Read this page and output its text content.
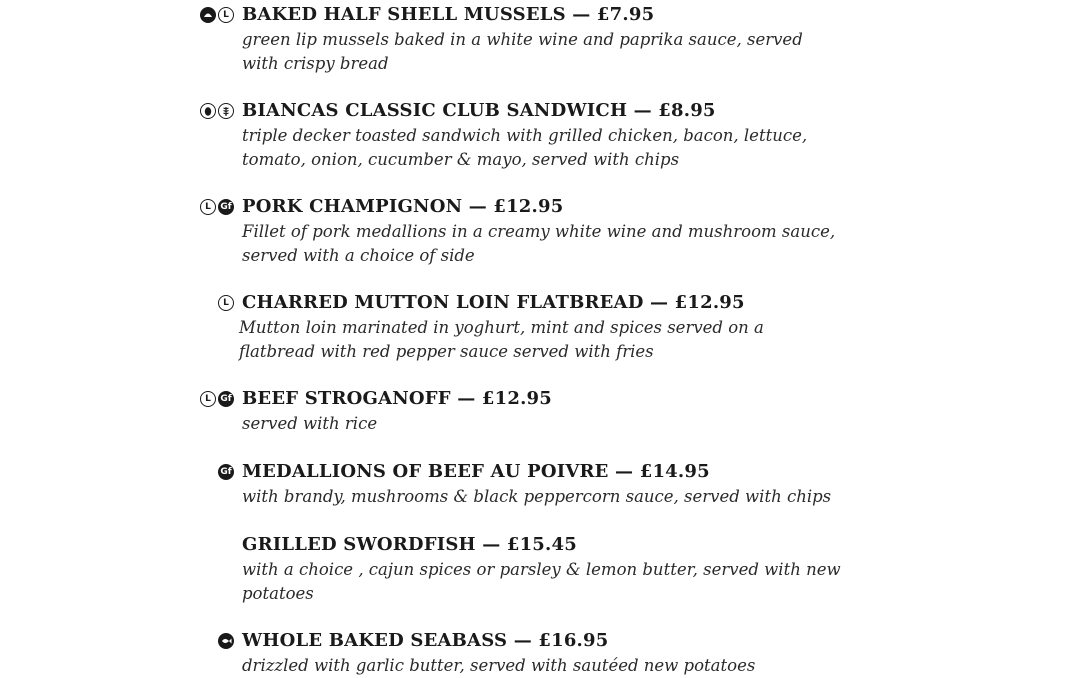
L BAKED HALF SHELL MUSSELS — £7.95
green lip mussels baked in a white wine and paprika sauce, served
with crispy bread
BIANCAS CLASSIC CLUB SANDWICH — £8.95
triple decker toasted sandwich with grilled chicken, bacon, lettuce,
tomato, onion, cucumber & mayo, served with chips
L	Gf PORK CHAMPIGNON — £12.95
Fillet of pork medallions in a creamy white wine and mushroom sauce,
served with a choice of side
L CHARRED MUTTON LOIN FLATBREAD — £12.95
Mutton loin marinated in yoghurt, mint and spices served on a
flatbread with red pepper sauce served with fries
L	Gf BEEF STROGANOFF — £12.95
served with rice
Gf MEDALLIONS OF BEEF AU POIVRE — £14.95
with brandy, mushrooms & black peppercorn sauce, served with chips
GRILLED SWORDFISH — £15.45
with a choice , cajun spices or parsley & lemon butter, served with new
potatoes
WHOLE BAKED SEABASS — £16.95
drizzled with garlic butter, served with sautéed new potatoes
